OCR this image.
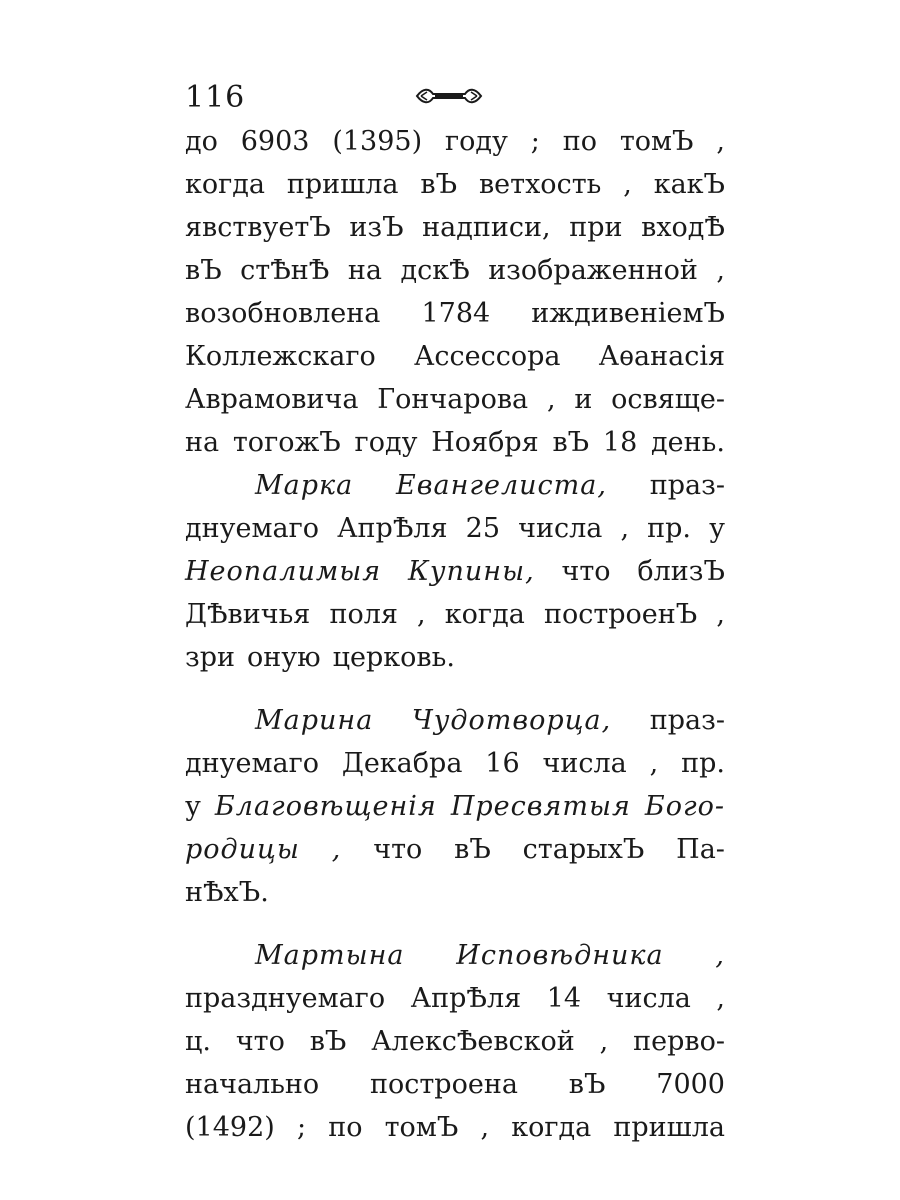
116
до 6903 (1395) году ; по томЪ ,
когда пришла вЪ ветхость , какЪ
явствуетЪ изЪ надписи, при входѢ
вЪ стѢнѢ на дскѢ изображенной ,
возобновлена 1784 иждивеніемЪ
Коллежскаго Ассессора Аѳанасія
Аврамовича Гончарова , и освяще-
на тогожЪ году Ноября вЪ 18 день.
Марка Евангелиста, праз-
днуемаго АпрѢля 25 числа , пр. у
Неопалимыя Купины, что близЪ
ДѢвичья поля , когда построенЪ ,
зри оную церковь.
Марина Чудотворца, праз-
днуемаго Декабра 16 числа , пр.
у Благовѣщенія Пресвятыя Бого-
родицы , что вЪ старыхЪ Па-
нѢхЪ.
Мартына Исповѣдника ,
празднуемаго АпрѢля 14 числа ,
ц. что вЪ АлексѢевской , перво-
начально построена вЪ 7000
(1492) ; по томЪ , когда пришла
